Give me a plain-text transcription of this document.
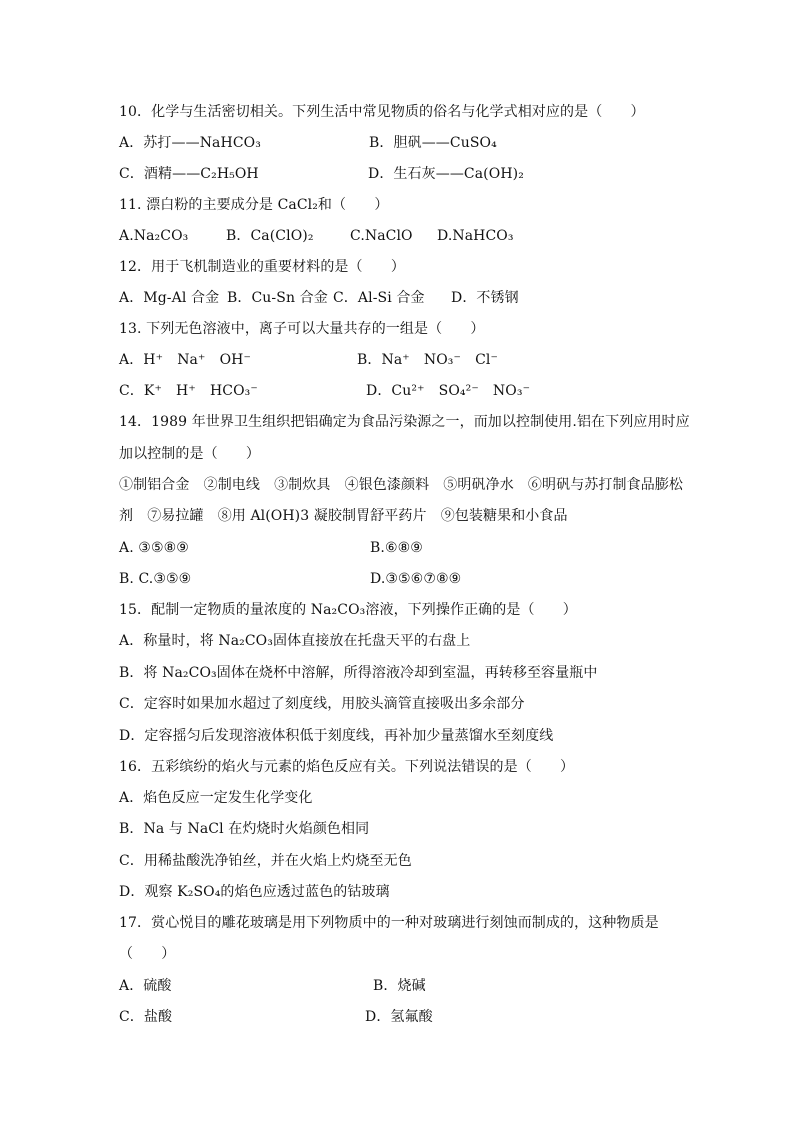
10．化学与生活密切相关。下列生活中常见物质的俗名与化学式相对应的是（　　）
A．苏打——NaHCO₃	B．胆矾——CuSO₄
C．酒精——C₂H₅OH	D．生石灰——Ca(OH)₂
11. 漂白粉的主要成分是 CaCl₂和（　　）
A.Na₂CO₃	B．Ca(ClO)₂	C.NaClO D.NaHCO₃
12．用于飞机制造业的重要材料的是（　　）
A．Mg-Al 合金 B．Cu-Sn 合金 C．Al-Si 合金 D．不锈钢
13. 下列无色溶液中，离子可以大量共存的一组是（　　）
A．H⁺　Na⁺　OH⁻	B．Na⁺　NO₃⁻　Cl⁻
C．K⁺　H⁺　HCO₃⁻	D．Cu²⁺　SO₄²⁻　NO₃⁻
14．1989 年世界卫生组织把铝确定为食品污染源之一，而加以控制使用.铝在下列应用时应
加以控制的是（　　）
①制铝合金　②制电线　③制炊具　④银色漆颜料　⑤明矾净水　⑥明矾与苏打制食品膨松
剂　⑦易拉罐　⑧用 Al(OH)3 凝胶制胃舒平药片　⑨包装糖果和小食品
A. ③⑤⑧⑨	B.⑥⑧⑨
B. C.③⑤⑨	D.③⑤⑥⑦⑧⑨
15．配制一定物质的量浓度的 Na₂CO₃溶液，下列操作正确的是（　　）
A．称量时，将 Na₂CO₃固体直接放在托盘天平的右盘上
B．将 Na₂CO₃固体在烧杯中溶解，所得溶液冷却到室温，再转移至容量瓶中
C．定容时如果加水超过了刻度线，用胶头滴管直接吸出多余部分
D．定容摇匀后发现溶液体积低于刻度线，再补加少量蒸馏水至刻度线
16．五彩缤纷的焰火与元素的焰色反应有关。下列说法错误的是（　　）
A．焰色反应一定发生化学变化
B．Na 与 NaCl 在灼烧时火焰颜色相同
C．用稀盐酸洗净铂丝，并在火焰上灼烧至无色
D．观察 K₂SO₄的焰色应透过蓝色的钴玻璃
17．赏心悦目的雕花玻璃是用下列物质中的一种对玻璃进行刻蚀而制成的，这种物质是
（　　）
A．硫酸	B．烧碱
C．盐酸	D．氢氟酸
